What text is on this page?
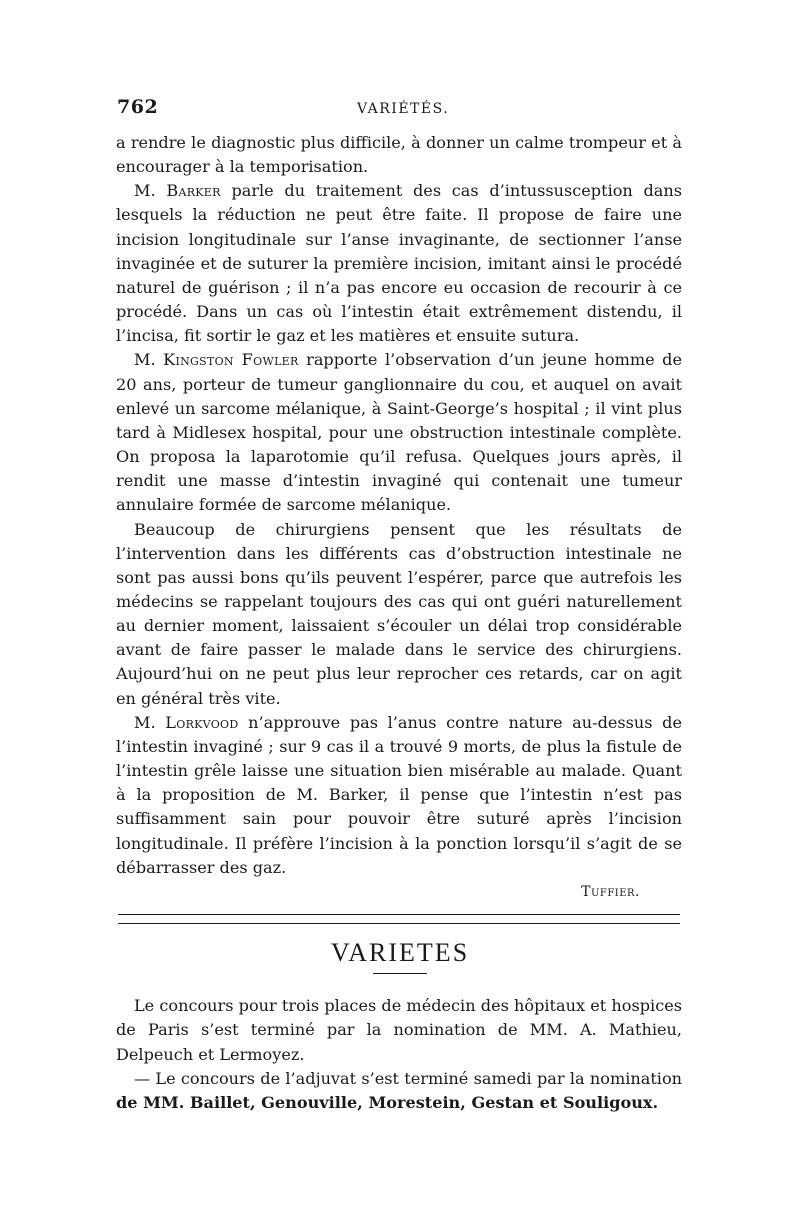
762	VARIÉTÉS.

a rendre le diagnostic plus difficile, à donner un calme trompeur et à encourager à la temporisation.

M. Barker parle du traitement des cas d’intussusception dans lesquels la réduction ne peut être faite. Il propose de faire une incision longitudinale sur l’anse invaginante, de sectionner l’anse invaginée et de suturer la première incision, imitant ainsi le procédé naturel de guérison ; il n’a pas encore eu occasion de recourir à ce procédé. Dans un cas où l’intestin était extrêmement distendu, il l’incisa, fit sortir le gaz et les matières et ensuite sutura.

M. Kingston Fowler rapporte l’observation d’un jeune homme de 20 ans, porteur de tumeur ganglionnaire du cou, et auquel on avait enlevé un sarcome mélanique, à Saint-George’s hospital ; il vint plus tard à Midlesex hospital, pour une obstruction intestinale complète. On proposa la laparotomie qu’il refusa. Quelques jours après, il rendit une masse d’intestin invaginé qui contenait une tumeur annulaire formée de sarcome mélanique.

Beaucoup de chirurgiens pensent que les résultats de l’intervention dans les différents cas d’obstruction intestinale ne sont pas aussi bons qu’ils peuvent l’espérer, parce que autrefois les médecins se rappelant toujours des cas qui ont guéri naturellement au dernier moment, laissaient s’écouler un délai trop considérable avant de faire passer le malade dans le service des chirurgiens. Aujourd’hui on ne peut plus leur reprocher ces retards, car on agit en général très vite.

M. Lorkvood n’approuve pas l’anus contre nature au-dessus de l’intestin invaginé ; sur 9 cas il a trouvé 9 morts, de plus la fistule de l’intestin grêle laisse une situation bien misérable au malade. Quant à la proposition de M. Barker, il pense que l’intestin n’est pas suffisamment sain pour pouvoir être suturé après l’incision longitudinale. Il préfère l’incision à la ponction lorsqu’il s’agit de se débarrasser des gaz.

Tuffier.
VARIETES

Le concours pour trois places de médecin des hôpitaux et hospices de Paris s’est terminé par la nomination de MM. A. Mathieu, Delpeuch et Lermoyez.

— Le concours de l’adjuvat s’est terminé samedi par la nomination de MM. Baillet, Genouville, Morestein, Gestan et Souligoux.
